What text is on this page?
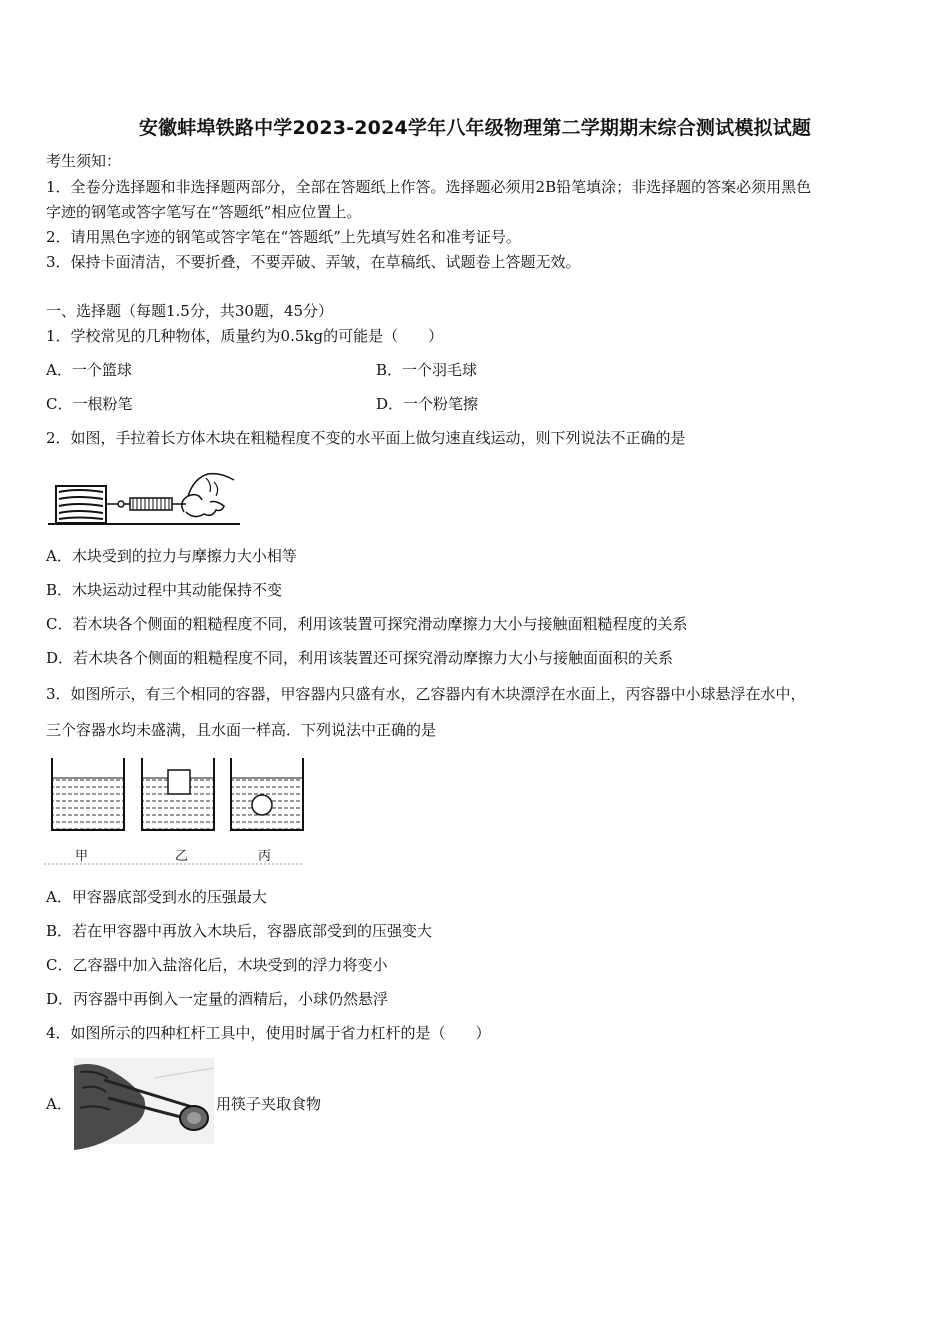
安徽蚌埠铁路中学2023-2024学年八年级物理第二学期期末综合测试模拟试题
考生须知：
1．全卷分选择题和非选择题两部分，全部在答题纸上作答。选择题必须用2B铅笔填涂；非选择题的答案必须用黑色
字迹的钢笔或答字笔写在“答题纸”相应位置上。
2．请用黑色字迹的钢笔或答字笔在“答题纸”上先填写姓名和准考证号。
3．保持卡面清洁，不要折叠，不要弄破、弄皱，在草稿纸、试题卷上答题无效。
一、选择题（每题1.5分，共30题，45分）
1．学校常见的几种物体，质量约为0.5kg的可能是（　　）
A．一个篮球	B．一个羽毛球
C．一根粉笔	D．一个粉笔擦
2．如图，手拉着长方体木块在粗糙程度不变的水平面上做匀速直线运动，则下列说法不正确的是
A．木块受到的拉力与摩擦力大小相等
B．木块运动过程中其动能保持不变
C．若木块各个侧面的粗糙程度不同，利用该装置可探究滑动摩擦力大小与接触面粗糙程度的关系
D．若木块各个侧面的粗糙程度不同，利用该装置还可探究滑动摩擦力大小与接触面面积的关系
3．如图所示，有三个相同的容器，甲容器内只盛有水，乙容器内有木块漂浮在水面上，丙容器中小球悬浮在水中，
三个容器水均未盛满，且水面一样高．下列说法中正确的是
甲	乙	丙
A．甲容器底部受到水的压强最大
B．若在甲容器中再放入木块后，容器底部受到的压强变大
C．乙容器中加入盐溶化后，木块受到的浮力将变小
D．丙容器中再倒入一定量的酒精后，小球仍然悬浮
4．如图所示的四种杠杆工具中，使用时属于省力杠杆的是（　　）
A．	用筷子夹取食物
